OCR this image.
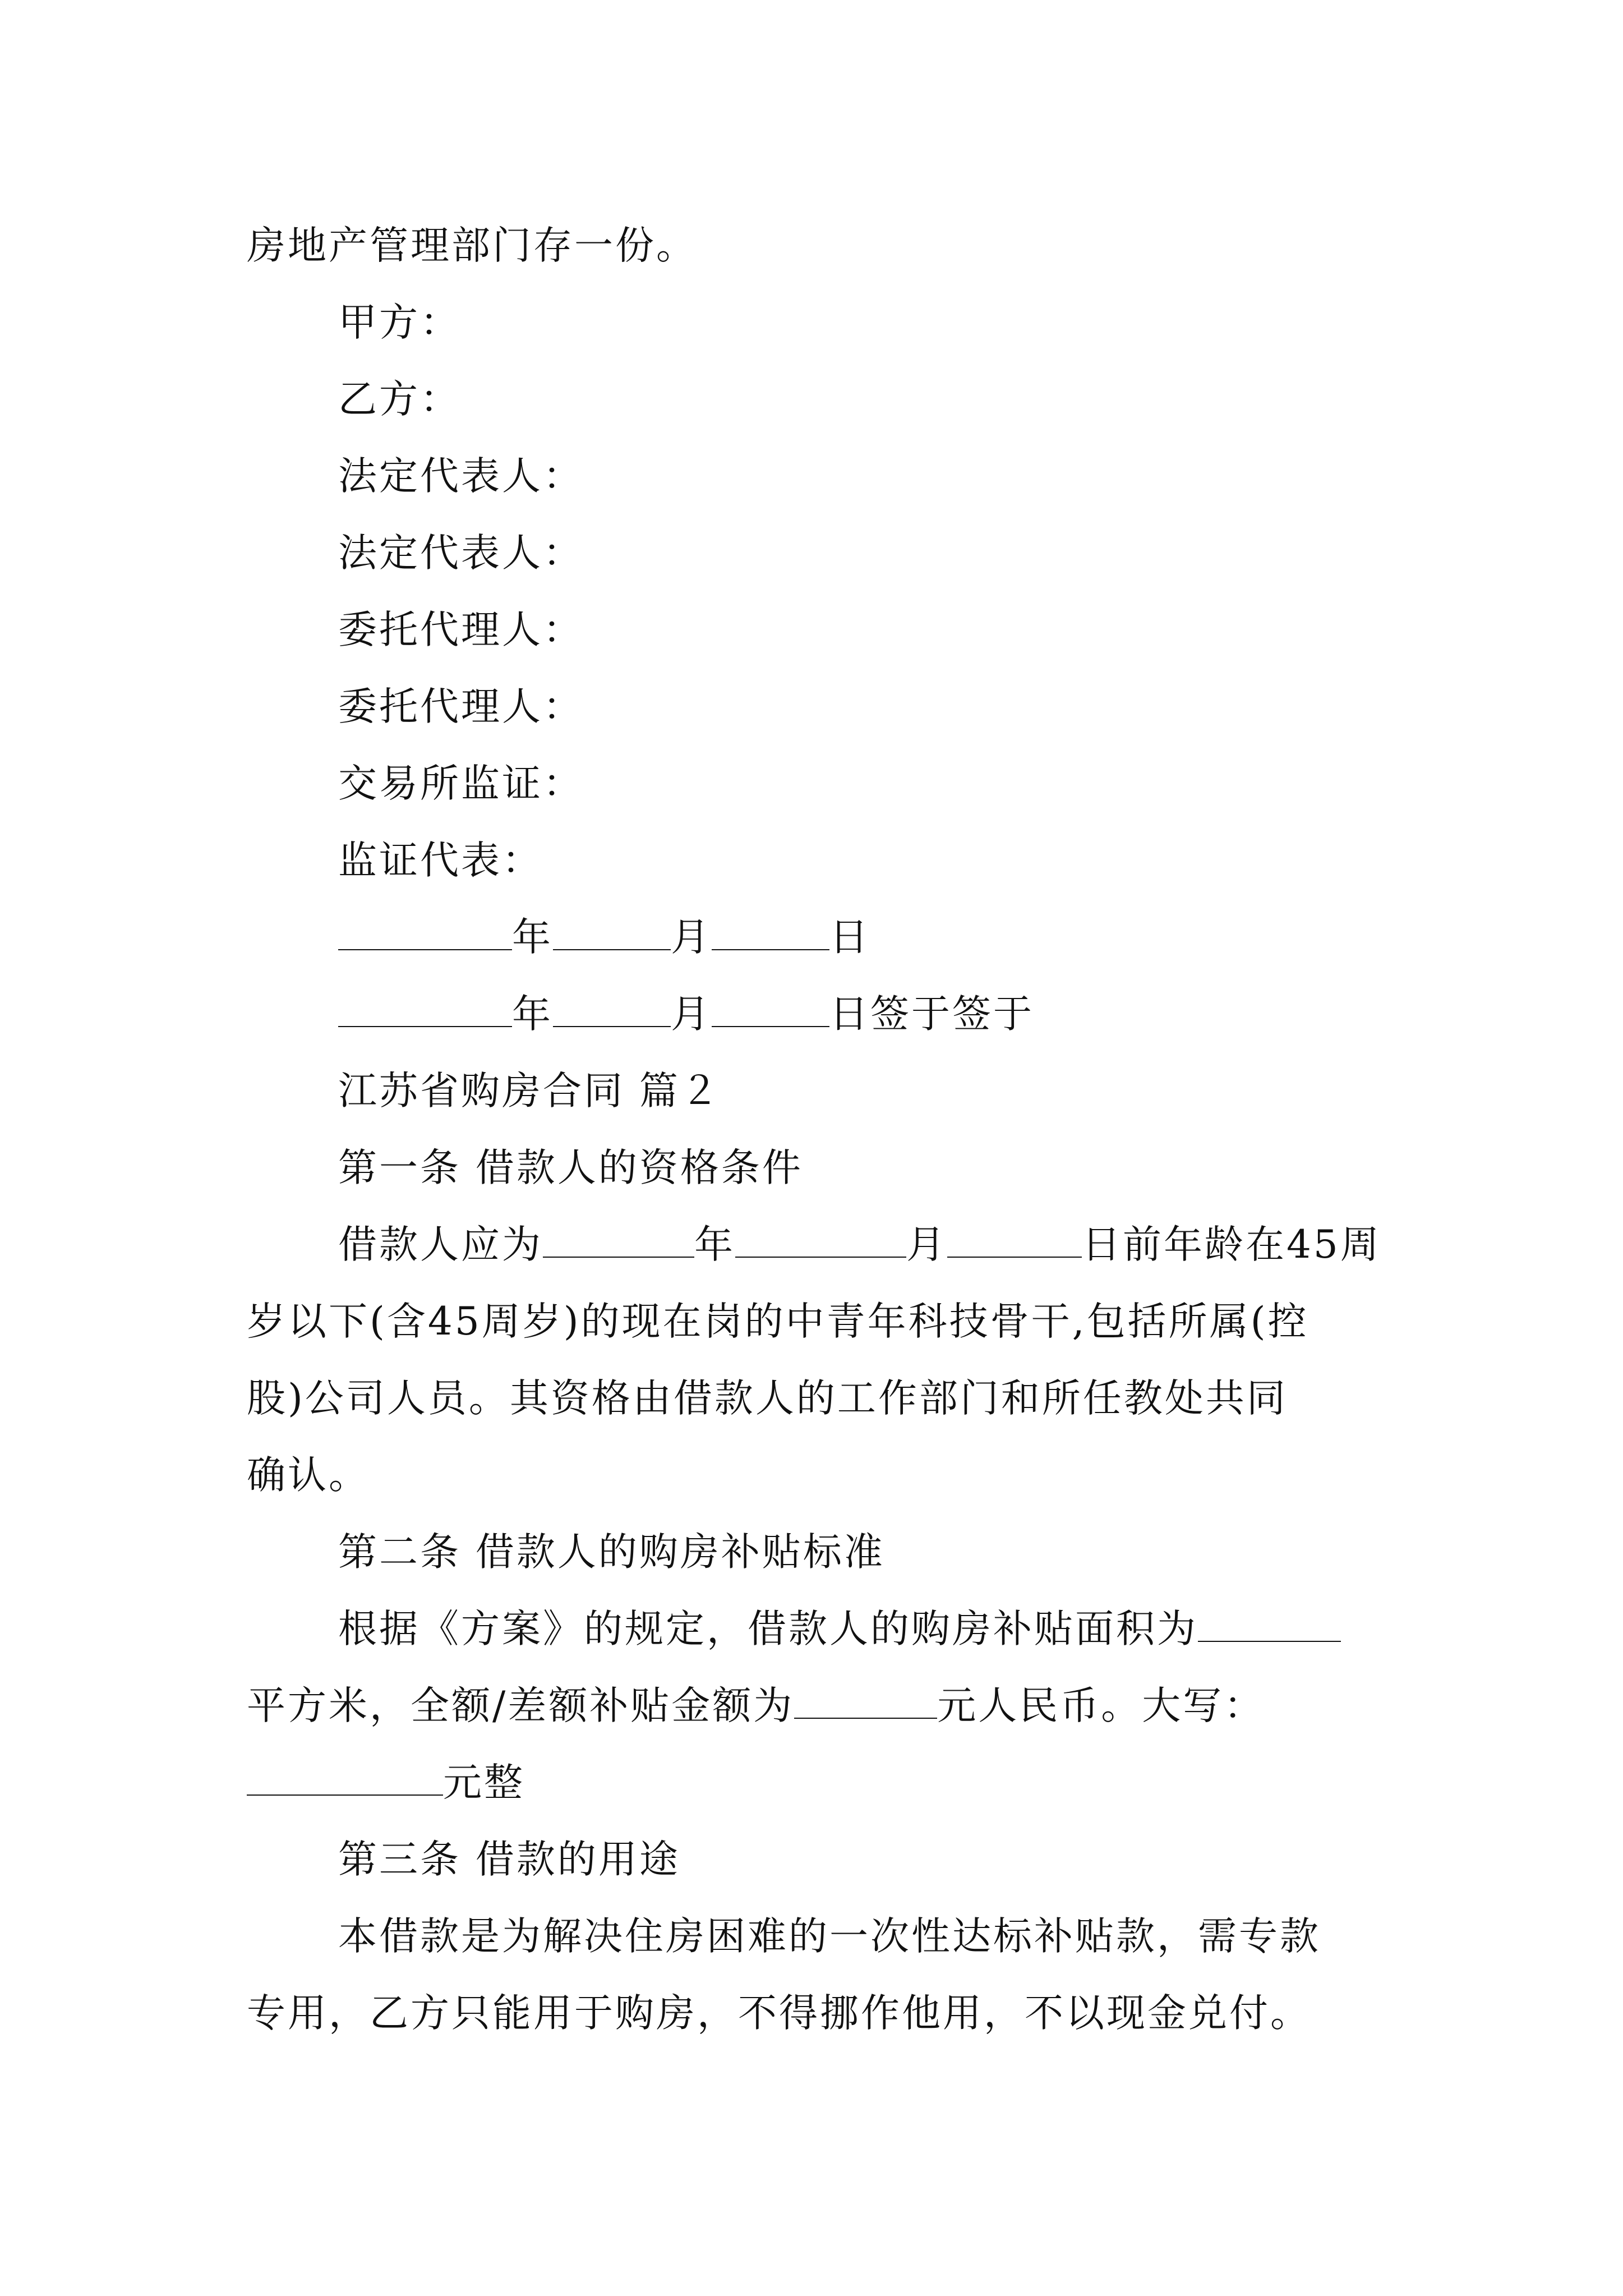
房地产管理部门存一份。
甲方：
乙方：
法定代表人：
法定代表人：
委托代理人：
委托代理人：
交易所监证：
监证代表：
年	月	日
年	月	日签于签于
江苏省购房合同 篇２
第一条 借款人的资格条件
借款人应为	年	月	日前年龄在45周
岁以下(含45周岁)的现在岗的中青年科技骨干,包括所属(控
股)公司人员。其资格由借款人的工作部门和所任教处共同
确认。
第二条 借款人的购房补贴标准
根据《方案》的规定，借款人的购房补贴面积为
平方米，全额/差额补贴金额为	元人民币。大写：
元整
第三条 借款的用途
本借款是为解决住房困难的一次性达标补贴款，需专款
专用，乙方只能用于购房，不得挪作他用，不以现金兑付。
